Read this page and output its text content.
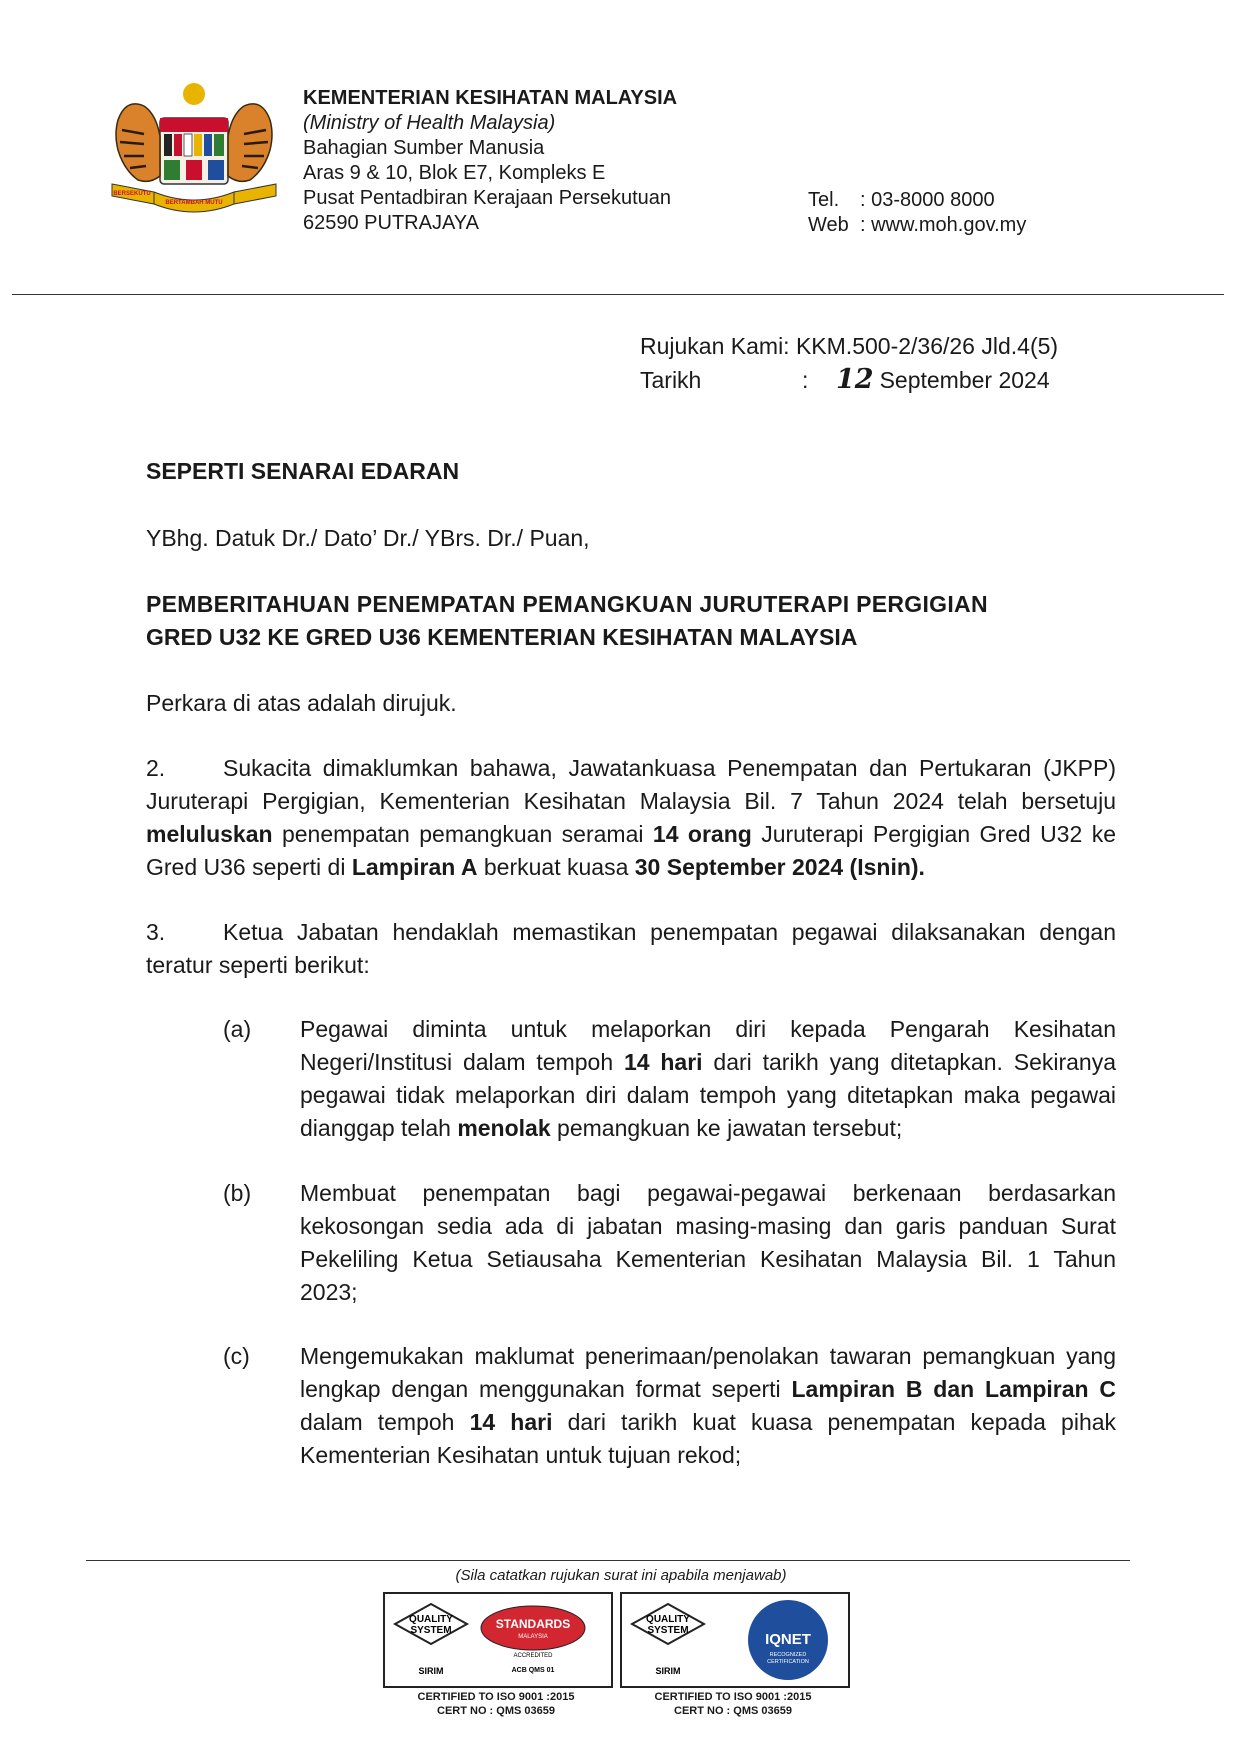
BERSEKUTU
BERTAMBAH MUTU
KEMENTERIAN KESIHATAN MALAYSIA
(Ministry of Health Malaysia)
Bahagian Sumber Manusia
Aras 9 & 10, Blok E7, Kompleks E
Pusat Pentadbiran Kerajaan Persekutuan
62590 PUTRAJAYA
Tel. : 03-8000 8000
Web : www.moh.gov.my
Rujukan Kami: KKM.500-2/36/26 Jld.4(5)
Tarikh	: 12 September 2024
SEPERTI SENARAI EDARAN
YBhg. Datuk Dr./ Dato’ Dr./ YBrs. Dr./ Puan,
PEMBERITAHUAN PENEMPATAN PEMANGKUAN JURUTERAPI PERGIGIAN
GRED U32 KE GRED U36 KEMENTERIAN KESIHATAN MALAYSIA
Perkara di atas adalah dirujuk.
2.	Sukacita dimaklumkan bahawa, Jawatankuasa Penempatan dan Pertukaran (JKPP) Juruterapi Pergigian, Kementerian Kesihatan Malaysia Bil. 7 Tahun 2024 telah bersetuju meluluskan penempatan pemangkuan seramai 14 orang Juruterapi Pergigian Gred U32 ke Gred U36 seperti di Lampiran A berkuat kuasa 30 September 2024 (Isnin).
3.	Ketua Jabatan hendaklah memastikan penempatan pegawai dilaksanakan dengan teratur seperti berikut:
(a) Pegawai diminta untuk melaporkan diri kepada Pengarah Kesihatan Negeri/Institusi dalam tempoh 14 hari dari tarikh yang ditetapkan. Sekiranya pegawai tidak melaporkan diri dalam tempoh yang ditetapkan maka pegawai dianggap telah menolak pemangkuan ke jawatan tersebut;
(b) Membuat penempatan bagi pegawai-pegawai berkenaan berdasarkan kekosongan sedia ada di jabatan masing-masing dan garis panduan Surat Pekeliling Ketua Setiausaha Kementerian Kesihatan Malaysia Bil. 1 Tahun 2023;
(c) Mengemukakan maklumat penerimaan/penolakan tawaran pemangkuan yang lengkap dengan menggunakan format seperti Lampiran B dan Lampiran C dalam tempoh 14 hari dari tarikh kuat kuasa penempatan kepada pihak Kementerian Kesihatan untuk tujuan rekod;
(Sila catatkan rujukan surat ini apabila menjawab)
QUALITY
SYSTEM
SIRIM
STANDARDS
MALAYSIA
ACCREDITED
ACB QMS 01
CERTIFIED TO ISO 9001 :2015
CERT NO : QMS 03659
QUALITY
SYSTEM
SIRIM
IQNET
RECOGNIZED
CERTIFICATION
CERTIFIED TO ISO 9001 :2015
CERT NO : QMS 03659
